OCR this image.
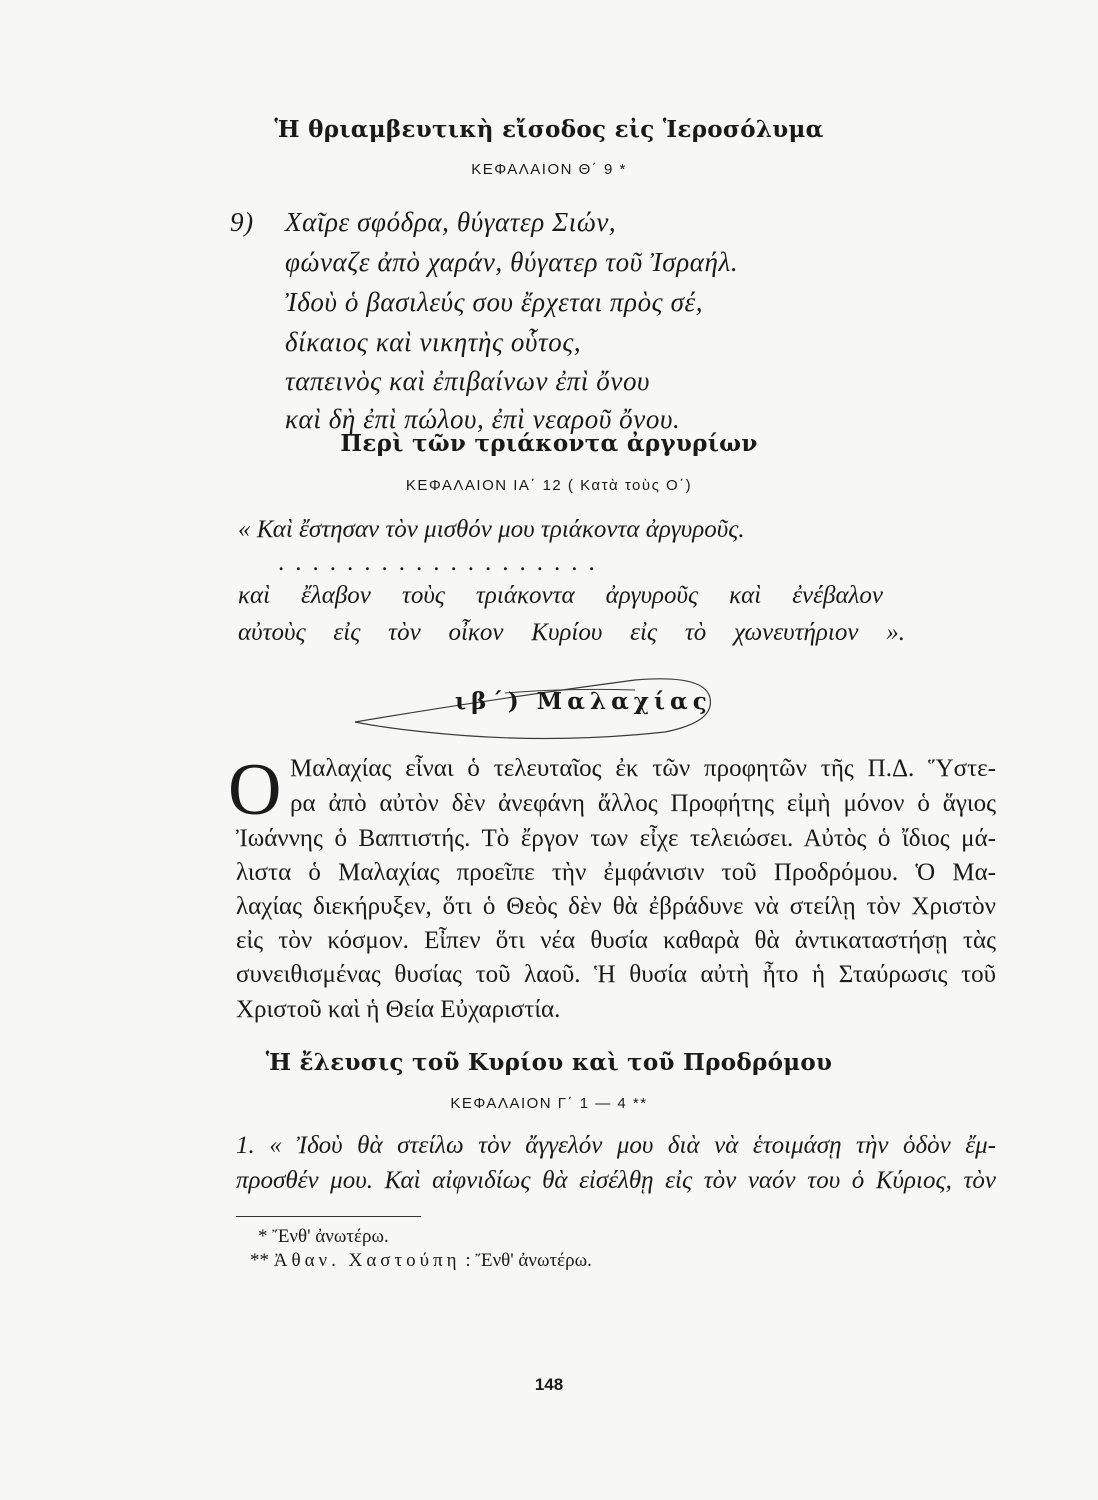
Ἡ θριαμβευτικὴ εἴσοδος εἰς Ἱεροσόλυμα
ΚΕΦΑΛΑΙΟΝ Θ΄ 9 *
9) Χαῖρε σφόδρα, θύγατερ Σιών,
φώναζε ἀπὸ χαράν, θύγατερ τοῦ Ἰσραήλ.
Ἰδοὺ ὁ βασιλεύς σου ἔρχεται πρὸς σέ,
δίκαιος καὶ νικητὴς οὗτος,
ταπεινὸς καὶ ἐπιβαίνων ἐπὶ ὄνου
καὶ δὴ ἐπὶ πώλου, ἐπὶ νεαροῦ ὄνου.
Περὶ τῶν τριάκοντα ἀργυρίων
ΚΕΦΑΛΑΙΟΝ ΙΑ΄ 12 ( Κατὰ τοὺς Ο΄)
« Καὶ ἔστησαν τὸν μισθόν μου τριάκοντα ἀργυροῦς.
...................
καὶ ἔλαβον τοὺς τριάκοντα ἀργυροῦς καὶ ἐνέβαλον
αὐτοὺς εἰς τὸν οἶκον Κυρίου εἰς τὸ χωνευτήριον ».
ιβ΄) Μαλαχίας
Ο Μαλαχίας εἶναι ὁ τελευταῖος ἐκ τῶν προφητῶν τῆς Π.Δ. Ὕστε-
ρα ἀπὸ αὐτὸν δὲν ἀνεφάνη ἄλλος Προφήτης εἰμὴ μόνον ὁ ἅγιος
Ἰωάννης ὁ Βαπτιστής. Τὸ ἔργον των εἶχε τελειώσει. Αὐτὸς ὁ ἴδιος μά-
λιστα ὁ Μαλαχίας προεῖπε τὴν ἐμφάνισιν τοῦ Προδρόμου. Ὁ Μα-
λαχίας διεκήρυξεν, ὅτι ὁ Θεὸς δὲν θὰ ἐβράδυνε νὰ στείλῃ τὸν Χριστὸν
εἰς τὸν κόσμον. Εἶπεν ὅτι νέα θυσία καθαρὰ θὰ ἀντικαταστήσῃ τὰς
συνειθισμένας θυσίας τοῦ λαοῦ. Ἡ θυσία αὐτὴ ἦτο ἡ Σταύρωσις τοῦ
Χριστοῦ καὶ ἡ Θεία Εὐχαριστία.
Ἡ ἔλευσις τοῦ Κυρίου καὶ τοῦ Προδρόμου
ΚΕΦΑΛΑΙΟΝ Γ΄ 1 — 4 **
1. « Ἰδοὺ θὰ στείλω τὸν ἄγγελόν μου διὰ νὰ ἑτοιμάσῃ τὴν ὁδὸν ἔμ-
προσθέν μου. Καὶ αἰφνιδίως θὰ εἰσέλθῃ εἰς τὸν ναόν του ὁ Κύριος, τὸν
* Ἔνθ' ἀνωτέρω.
** Ἀθαν. Χαστούπη : Ἔνθ' ἀνωτέρω.
148
